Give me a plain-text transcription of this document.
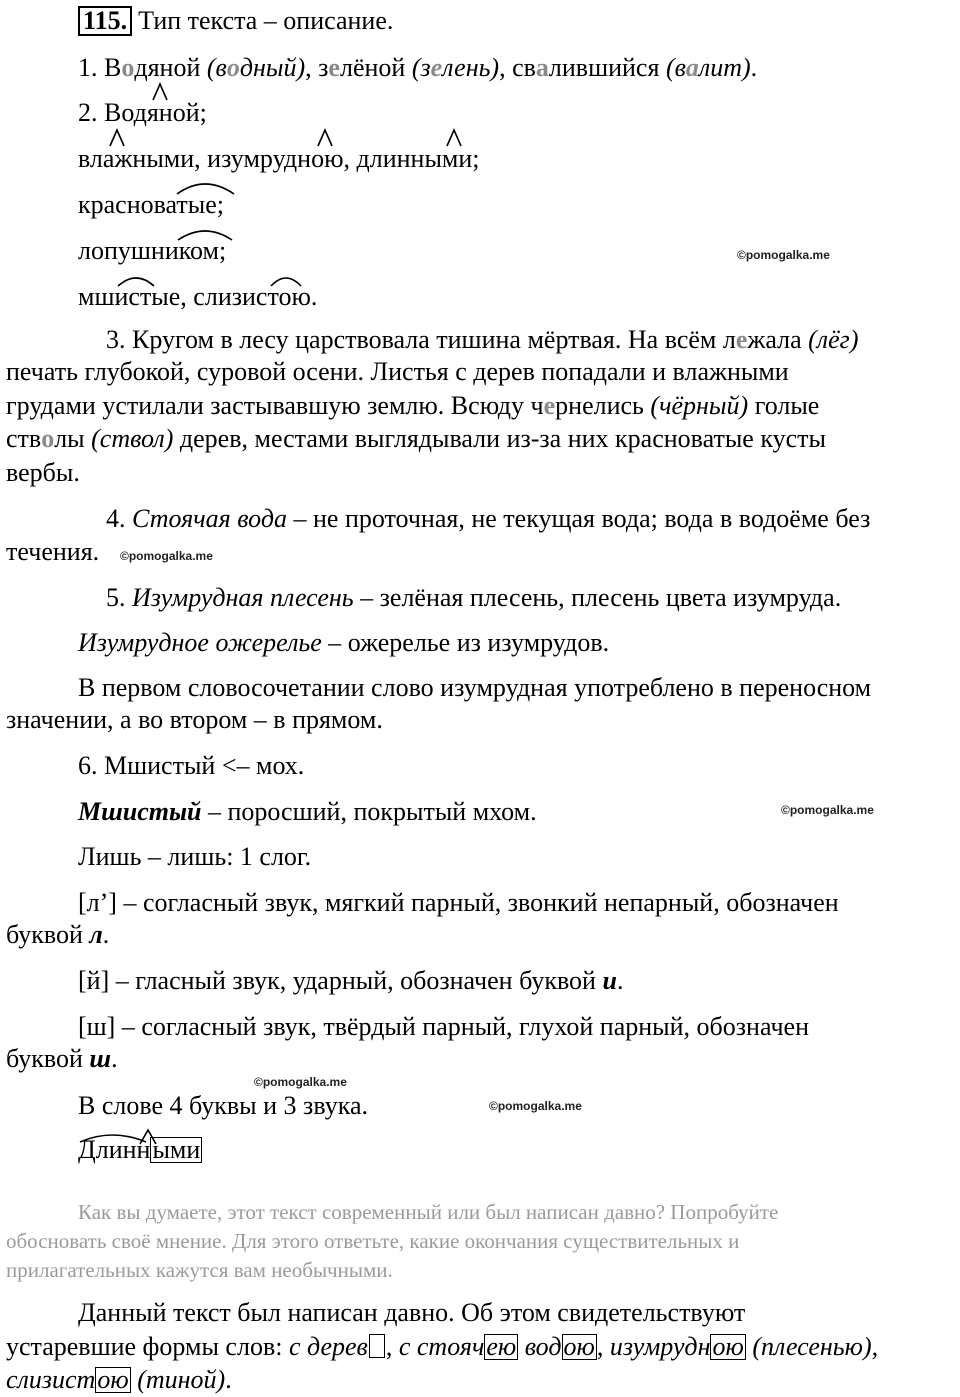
115. Тип текста – описание.
1. Водяной (водный), зелёной (зелень), свалившийся (валит).
2. Водяной;
влажными, изумрудною, длинными;
красноватые;
лопушником;
мшистые, слизистою.
©pomogalka.me
3. Кругом в лесу царствовала тишина мёртвая. На всём лежала (лёг)
печать глубокой, суровой осени. Листья с дерев попадали и влажными
грудами устилали застывавшую землю. Всюду чернелись (чёрный) голые
стволы (ствол) дерев, местами выглядывали из-за них красноватые кусты
вербы.
4. Стоячая вода – не проточная, не текущая вода; вода в водоёме без
течения. ©pomogalka.me
5. Изумрудная плесень – зелёная плесень, плесень цвета изумруда.
Изумрудное ожерелье – ожерелье из изумрудов.
В первом словосочетании слово изумрудная употреблено в переносном
значении, а во втором – в прямом.
6. Мшистый <– мох.
Мшистый – поросший, покрытый мхом.	©pomogalka.me
Лишь – лишь: 1 слог.
[л’] – согласный звук, мягкий парный, звонкий непарный, обозначен
буквой л.
[й] – гласный звук, ударный, обозначен буквой и.
[ш] – согласный звук, твёрдый парный, глухой парный, обозначен
буквой ш.
©pomogalka.me
В слове 4 буквы и 3 звука.	©pomogalka.me
Длинными
Как вы думаете, этот текст современный или был написан давно? Попробуйте
обосновать своё мнение. Для этого ответьте, какие окончания существительных и
прилагательных кажутся вам необычными.
Данный текст был написан давно. Об этом свидетельствуют
устаревшие формы слов: с дерев , с стоячею водою, изумрудною (плесенью),
слизистою (тиной).
